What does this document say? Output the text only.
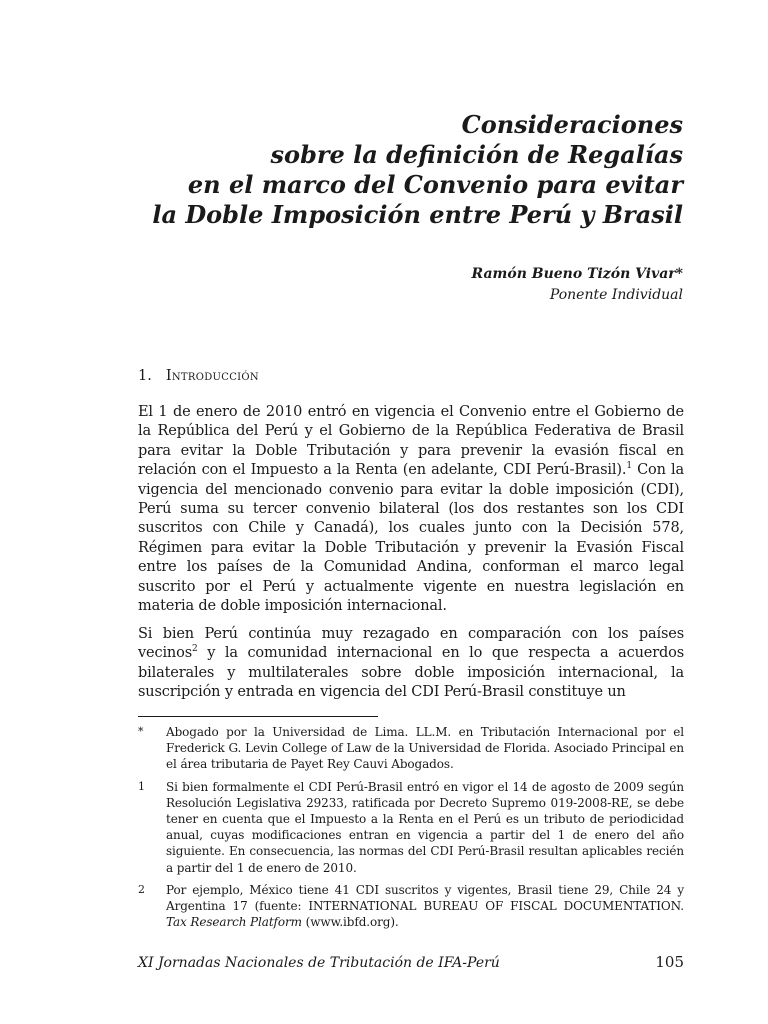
Consideraciones
sobre la definición de Regalías
en el marco del Convenio para evitar
la Doble Imposición entre Perú y Brasil
Ramón Bueno Tizón Vivar*
Ponente Individual
1. Introducción
El 1 de enero de 2010 entró en vigencia el Convenio entre el Gobierno de la República del Perú y el Gobierno de la República Federativa de Brasil para evitar la Doble Tributación y para prevenir la evasión fiscal en relación con el Impuesto a la Renta (en adelante, CDI Perú-Brasil).$^1$ Con la vigencia del mencionado convenio para evitar la doble imposición (CDI), Perú suma su tercer convenio bilateral (los dos restantes son los CDI suscritos con Chile y Canadá), los cuales junto con la Decisión 578, Régimen para evitar la Doble Tributación y prevenir la Evasión Fiscal entre los países de la Comunidad Andina, conforman el marco legal suscrito por el Perú y actualmente vigente en nuestra legislación en materia de doble imposición internacional.
Si bien Perú continúa muy rezagado en comparación con los países vecinos$^2$ y la comunidad internacional en lo que respecta a acuerdos bilaterales y multilaterales sobre doble imposición internacional, la suscripción y entrada en vigencia del CDI Perú-Brasil constituye un
*	Abogado por la Universidad de Lima. LL.M. en Tributación Internacional por el Frederick G. Levin College of Law de la Universidad de Florida. Asociado Principal en el área tributaria de Payet Rey Cauvi Abogados.
1	Si bien formalmente el CDI Perú-Brasil entró en vigor el 14 de agosto de 2009 según Resolución Legislativa 29233, ratificada por Decreto Supremo 019-2008-RE, se debe tener en cuenta que el Impuesto a la Renta en el Perú es un tributo de periodicidad anual, cuyas modificaciones entran en vigencia a partir del 1 de enero del año siguiente. En consecuencia, las normas del CDI Perú-Brasil resultan aplicables recién a partir del 1 de enero de 2010.
2	Por ejemplo, México tiene 41 CDI suscritos y vigentes, Brasil tiene 29, Chile 24 y Argentina 17 (fuente: INTERNATIONAL BUREAU OF FISCAL DOCUMENTATION. Tax Research Platform (www.ibfd.org).
XI Jornadas Nacionales de Tributación de IFA-Perú	105
